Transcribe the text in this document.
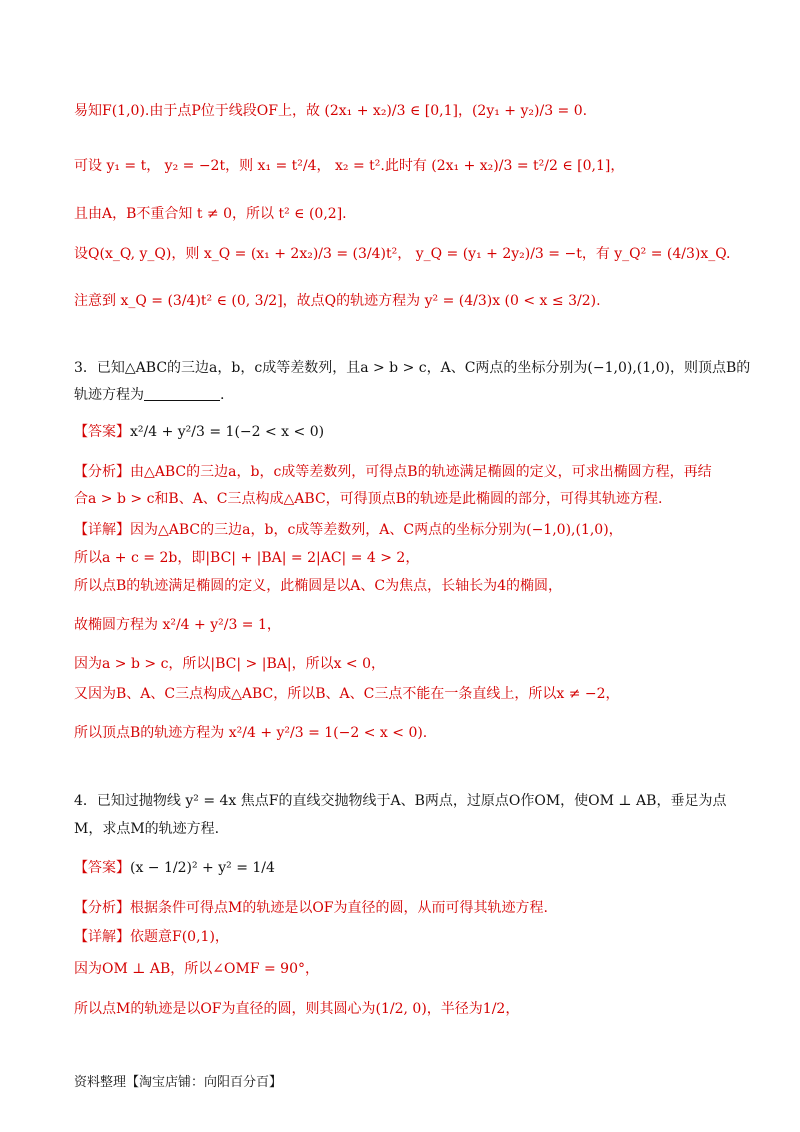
易知F(1,0).由于点P位于线段OF上，故 (2x₁ + x₂)/3 ∈ [0,1]，(2y₁ + y₂)/3 = 0.
可设 y₁ = t， y₂ = −2t，则 x₁ = t²/4， x₂ = t².此时有 (2x₁ + x₂)/3 = t²/2 ∈ [0,1]，
且由A，B不重合知 t ≠ 0，所以 t² ∈ (0,2].
设Q(x_Q, y_Q)，则 x_Q = (x₁ + 2x₂)/3 = (3/4)t²， y_Q = (y₁ + 2y₂)/3 = −t，有 y_Q² = (4/3)x_Q.
注意到 x_Q = (3/4)t² ∈ (0, 3/2]，故点Q的轨迹方程为 y² = (4/3)x (0 < x ≤ 3/2).
3．已知△ABC的三边a，b，c成等差数列，且a > b > c，A、C两点的坐标分别为(−1,0),(1,0)，则顶点B的
轨迹方程为	.
【答案】x²/4 + y²/3 = 1(−2 < x < 0)
【分析】由△ABC的三边a，b，c成等差数列，可得点B的轨迹满足椭圆的定义，可求出椭圆方程，再结
合a > b > c和B、A、C三点构成△ABC，可得顶点B的轨迹是此椭圆的部分，可得其轨迹方程.
【详解】因为△ABC的三边a，b，c成等差数列，A、C两点的坐标分别为(−1,0),(1,0)，
所以a + c = 2b，即|BC| + |BA| = 2|AC| = 4 > 2，
所以点B的轨迹满足椭圆的定义，此椭圆是以A、C为焦点，长轴长为4的椭圆，
故椭圆方程为 x²/4 + y²/3 = 1，
因为a > b > c，所以|BC| > |BA|，所以x < 0，
又因为B、A、C三点构成△ABC，所以B、A、C三点不能在一条直线上，所以x ≠ −2，
所以顶点B的轨迹方程为 x²/4 + y²/3 = 1(−2 < x < 0).
4．已知过抛物线 y² = 4x 焦点F的直线交抛物线于A、B两点，过原点O作OM，使OM ⊥ AB，垂足为点
M，求点M的轨迹方程.
【答案】(x − 1/2)² + y² = 1/4
【分析】根据条件可得点M的轨迹是以OF为直径的圆，从而可得其轨迹方程.
【详解】依题意F(0,1)，
因为OM ⊥ AB，所以∠OMF = 90°，
所以点M的轨迹是以OF为直径的圆，则其圆心为(1/2, 0)，半径为1/2，
资料整理【淘宝店铺：向阳百分百】
